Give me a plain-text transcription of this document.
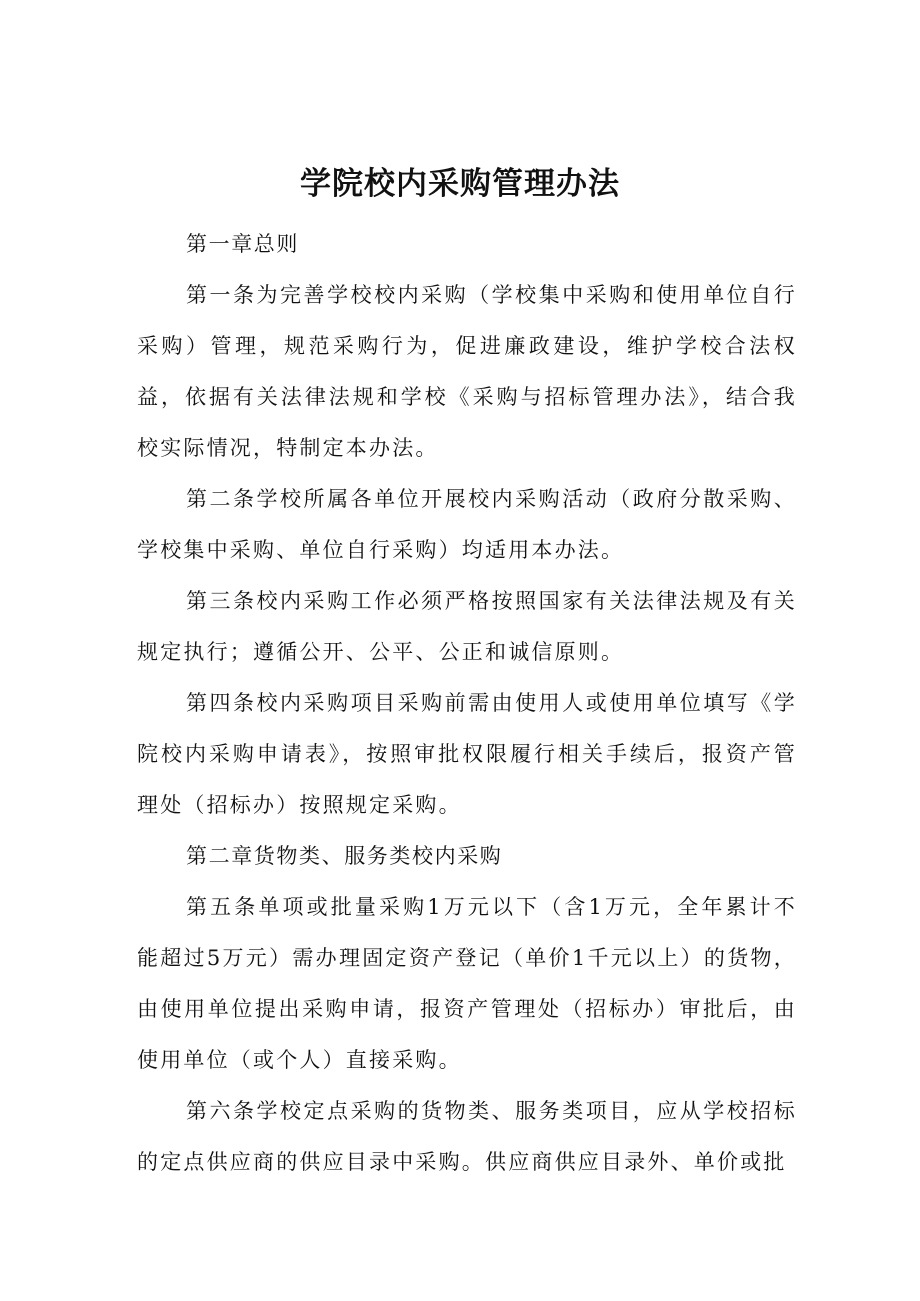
学院校内采购管理办法

第一章总则

第一条为完善学校校内采购（学校集中采购和使用单位自行采购）管理，规范采购行为，促进廉政建设，维护学校合法权益，依据有关法律法规和学校《采购与招标管理办法》，结合我校实际情况，特制定本办法。

第二条学校所属各单位开展校内采购活动（政府分散采购、学校集中采购、单位自行采购）均适用本办法。

第三条校内采购工作必须严格按照国家有关法律法规及有关规定执行；遵循公开、公平、公正和诚信原则。

第四条校内采购项目采购前需由使用人或使用单位填写《学院校内采购申请表》，按照审批权限履行相关手续后，报资产管理处（招标办）按照规定采购。

第二章货物类、服务类校内采购

第五条单项或批量采购1万元以下（含1万元，全年累计不能超过5万元）需办理固定资产登记（单价1千元以上）的货物，由使用单位提出采购申请，报资产管理处（招标办）审批后，由使用单位（或个人）直接采购。

第六条学校定点采购的货物类、服务类项目，应从学校招标的定点供应商的供应目录中采购。供应商供应目录外、单价或批
